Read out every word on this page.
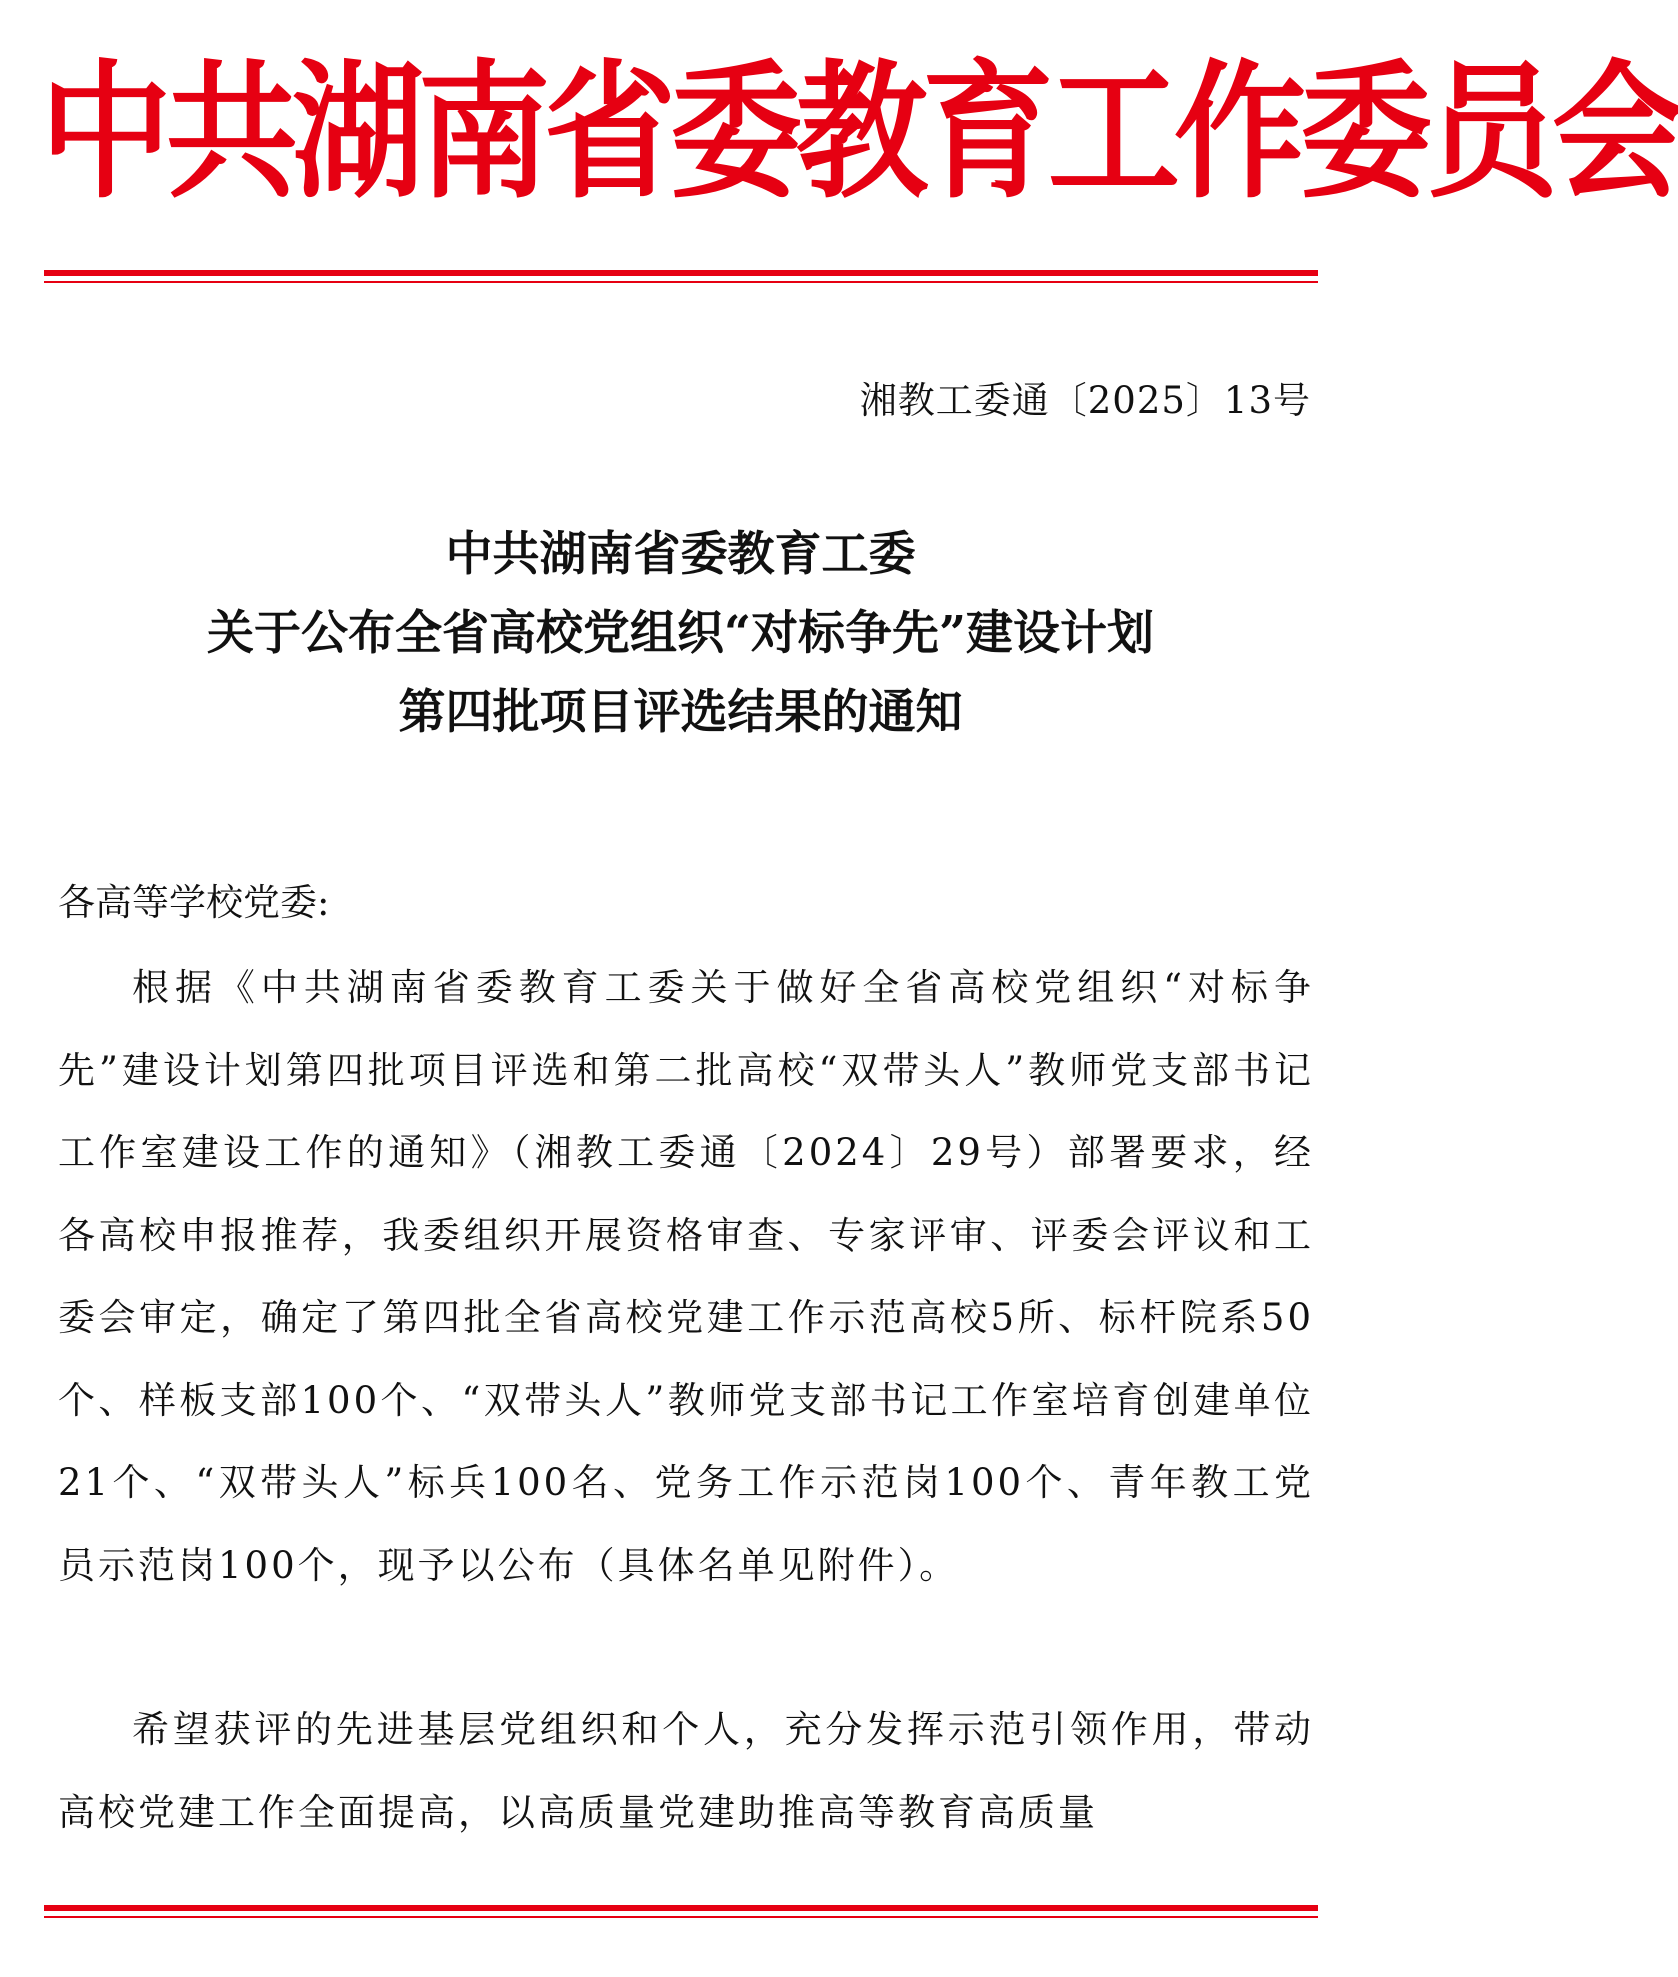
中共湖南省委教育工作委员会
湘教工委通〔2025〕13号
中共湖南省委教育工委
关于公布全省高校党组织“对标争先”建设计划
第四批项目评选结果的通知
各高等学校党委:
根据《中共湖南省委教育工委关于做好全省高校党组织“对标争先”建设计划第四批项目评选和第二批高校“双带头人”教师党支部书记工作室建设工作的通知》（湘教工委通〔2024〕29号）部署要求，经各高校申报推荐，我委组织开展资格审查、专家评审、评委会评议和工委会审定，确定了第四批全省高校党建工作示范高校5所、标杆院系50个、样板支部100个、“双带头人”教师党支部书记工作室培育创建单位21个、“双带头人”标兵100名、党务工作示范岗100个、青年教工党员示范岗100个，现予以公布（具体名单见附件）。
希望获评的先进基层党组织和个人，充分发挥示范引领作用，带动高校党建工作全面提高，以高质量党建助推高等教育高质量
